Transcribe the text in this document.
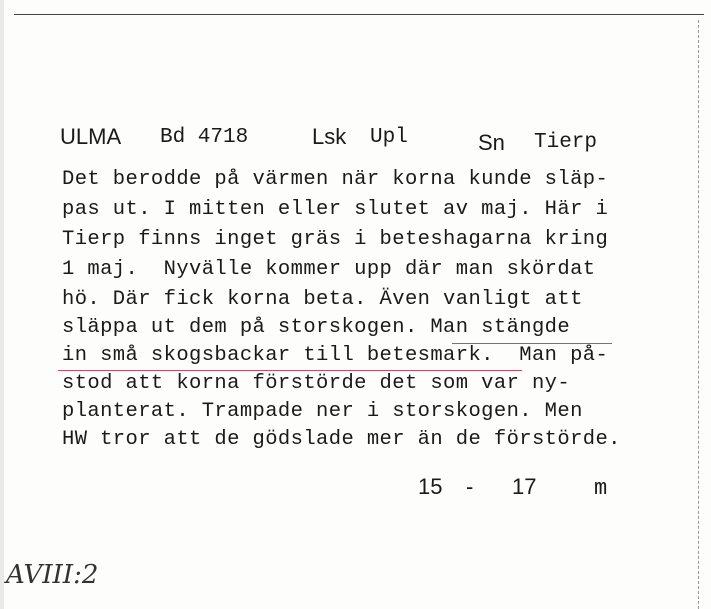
ULMA Bd 4718	Lsk Upl	Sn Tierp
Det berodde på värmen när korna kunde släp-
pas ut. I mitten eller slutet av maj. Här i
Tierp finns inget gräs i beteshagarna kring
1 maj.  Nyvälle kommer upp där man skördat
hö. Där fick korna beta. Även vanligt att
släppa ut dem på storskogen. Man stängde
in små skogsbackar till betesmark.  Man på-
stod att korna förstörde det som var ny-
planterat. Trampade ner i storskogen. Men
HW tror att de gödslade mer än de förstörde.
15 - 17	m
AVIII:2
